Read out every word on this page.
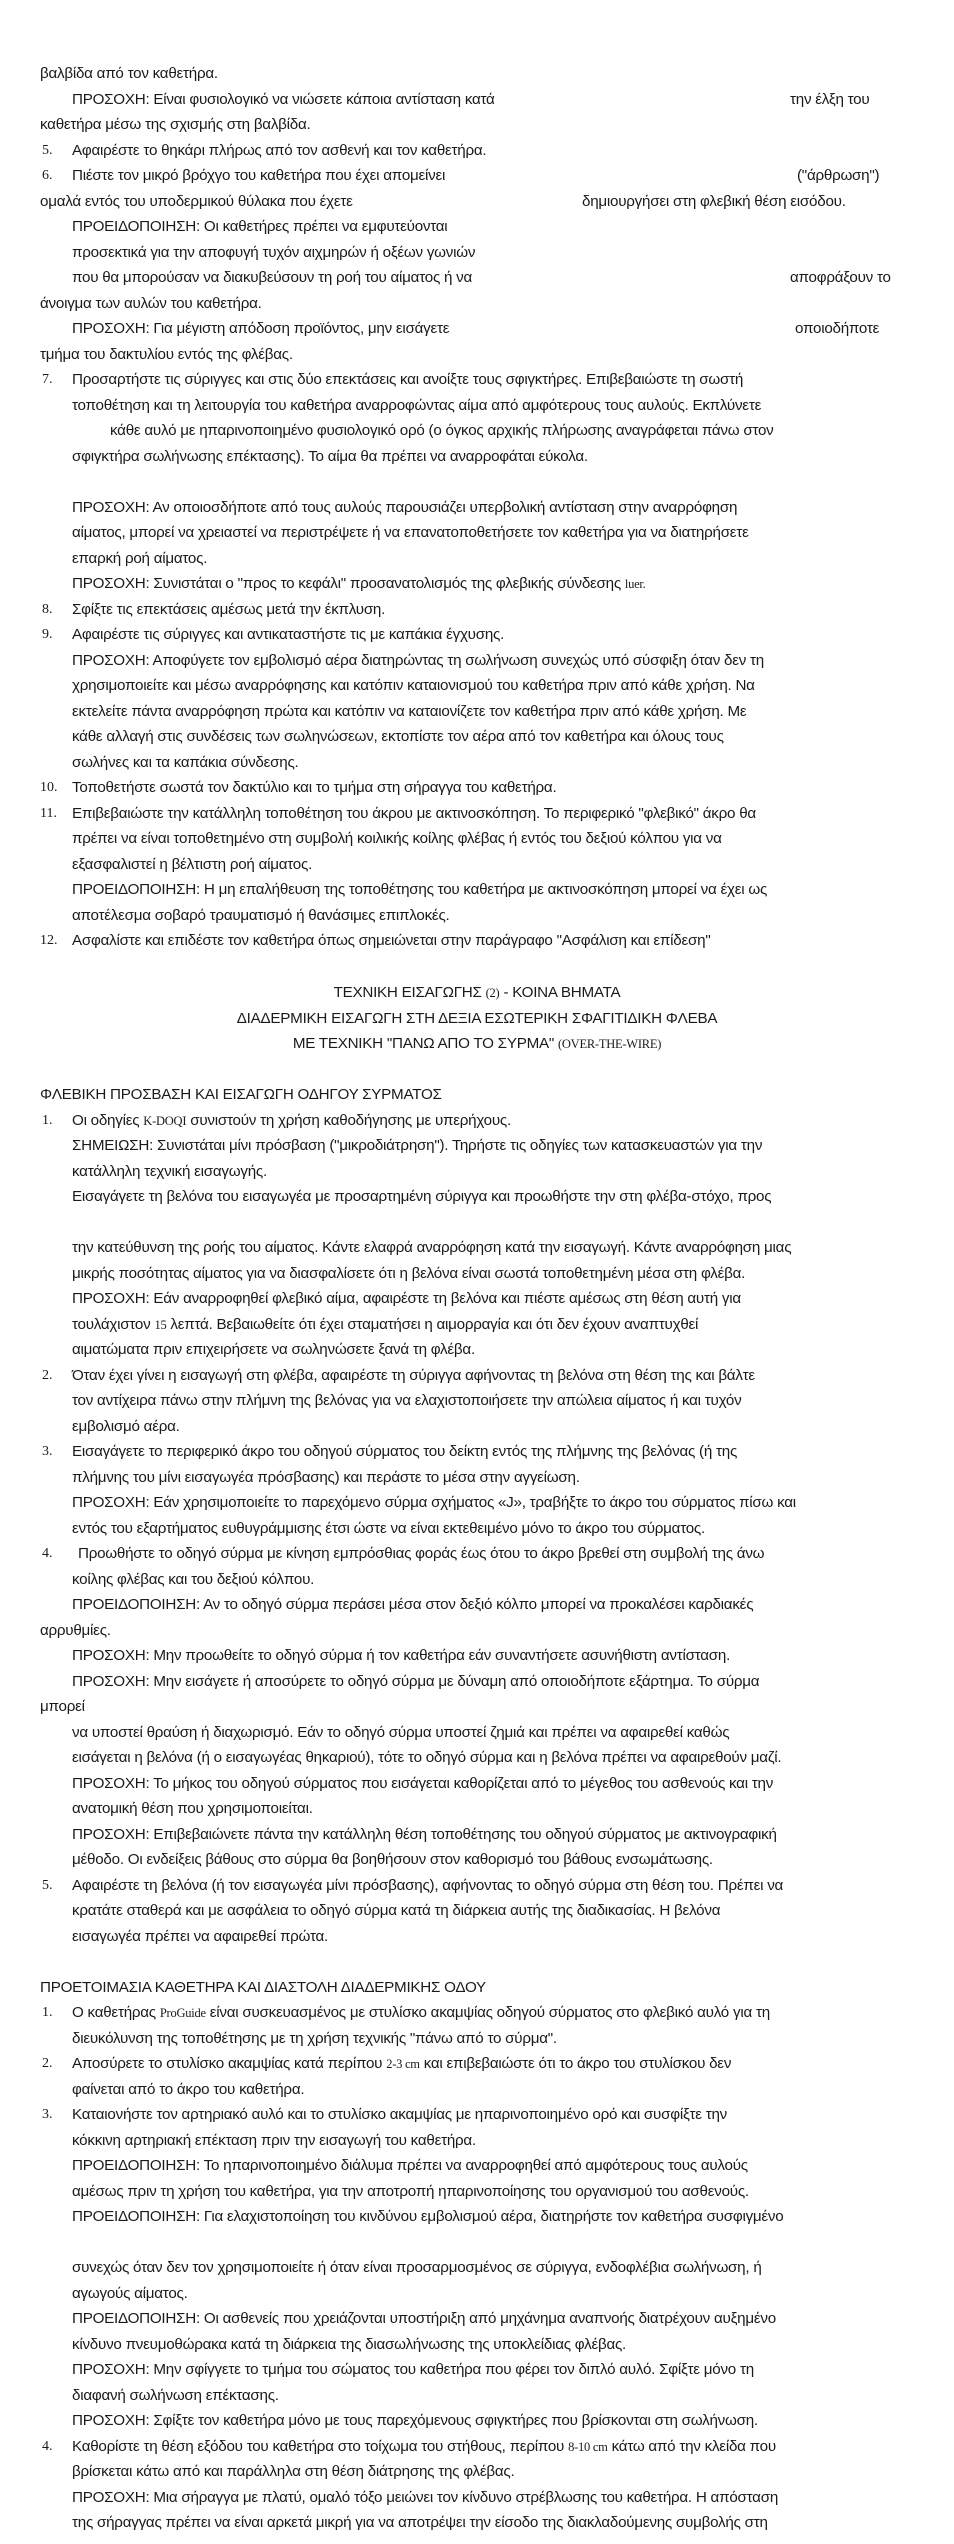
βαλβίδα από τον καθετήρα.
ΠΡΟΣΟΧΗ: Είναι φυσιολογικό να νιώσετε κάποια αντίσταση κατά	την έλξη του
καθετήρα μέσω της σχισμής στη βαλβίδα.
5. Αφαιρέστε το θηκάρι πλήρως από τον ασθενή και τον καθετήρα.
6. Πιέστε τον μικρό βρόχγο του καθετήρα που έχει απομείνει	("άρθρωση")
ομαλά εντός του υποδερμικού θύλακα που έχετε	δημιουργήσει στη φλεβική θέση εισόδου.
ΠΡΟΕΙΔΟΠΟΙΗΣΗ: Οι καθετήρες πρέπει να εμφυτεύονται
προσεκτικά για την αποφυγή τυχόν αιχμηρών ή οξέων γωνιών
που θα μπορούσαν να διακυβεύσουν τη ροή του αίματος ή να	αποφράξουν το
άνοιγμα των αυλών του καθετήρα.
ΠΡΟΣΟΧΗ: Για μέγιστη απόδοση προϊόντος, μην εισάγετε	οποιοδήποτε
τμήμα του δακτυλίου εντός της φλέβας.
7. Προσαρτήστε τις σύριγγες και στις δύο επεκτάσεις και ανοίξτε τους σφιγκτήρες. Επιβεβαιώστε τη σωστή
τοποθέτηση και τη λειτουργία του καθετήρα αναρροφώντας αίμα από αμφότερους τους αυλούς. Εκπλύνετε
κάθε αυλό με ηπαρινοποιημένο φυσιολογικό ορό (ο όγκος αρχικής πλήρωσης αναγράφεται πάνω στον
σφιγκτήρα σωλήνωσης επέκτασης). Το αίμα θα πρέπει να αναρροφάται εύκολα.
ΠΡΟΣΟΧΗ: Αν οποιοσδήποτε από τους αυλούς παρουσιάζει υπερβολική αντίσταση στην αναρρόφηση
αίματος, μπορεί να χρειαστεί να περιστρέψετε ή να επανατοποθετήσετε τον καθετήρα για να διατηρήσετε
επαρκή ροή αίματος.
ΠΡΟΣΟΧΗ: Συνιστάται ο "προς το κεφάλι" προσανατολισμός της φλεβικής σύνδεσης luer.
8. Σφίξτε τις επεκτάσεις αμέσως μετά την έκπλυση.
9. Αφαιρέστε τις σύριγγες και αντικαταστήστε τις με καπάκια έγχυσης.
ΠΡΟΣΟΧΗ: Αποφύγετε τον εμβολισμό αέρα διατηρώντας τη σωλήνωση συνεχώς υπό σύσφιξη όταν δεν τη
χρησιμοποιείτε και μέσω αναρρόφησης και κατόπιν καταιονισμού του καθετήρα πριν από κάθε χρήση. Να
εκτελείτε πάντα αναρρόφηση πρώτα και κατόπιν να καταιονίζετε τον καθετήρα πριν από κάθε χρήση. Με
κάθε αλλαγή στις συνδέσεις των σωληνώσεων, εκτοπίστε τον αέρα από τον καθετήρα και όλους τους
σωλήνες και τα καπάκια σύνδεσης.
10. Τοποθετήστε σωστά τον δακτύλιο και το τμήμα στη σήραγγα του καθετήρα.
11. Επιβεβαιώστε την κατάλληλη τοποθέτηση του άκρου με ακτινοσκόπηση. Το περιφερικό "φλεβικό" άκρο θα
πρέπει να είναι τοποθετημένο στη συμβολή κοιλικής κοίλης φλέβας ή εντός του δεξιού κόλπου για να
εξασφαλιστεί η βέλτιστη ροή αίματος.
ΠΡΟΕΙΔΟΠΟΙΗΣΗ: Η μη επαλήθευση της τοποθέτησης του καθετήρα με ακτινοσκόπηση μπορεί να έχει ως
αποτέλεσμα σοβαρό τραυματισμό ή θανάσιμες επιπλοκές.
12. Ασφαλίστε και επιδέστε τον καθετήρα όπως σημειώνεται στην παράγραφο "Ασφάλιση και επίδεση"
ΤΕΧΝΙΚΗ ΕΙΣΑΓΩΓΗΣ (2) - ΚΟΙΝΑ ΒΗΜΑΤΑ
ΔΙΑΔΕΡΜΙΚΗ ΕΙΣΑΓΩΓΗ ΣΤΗ ΔΕΞΙΑ ΕΣΩΤΕΡΙΚΗ ΣΦΑΓΙΤΙΔΙΚΗ ΦΛΕΒΑ
ΜΕ ΤΕΧΝΙΚΗ "ΠΑΝΩ ΑΠΟ ΤΟ ΣΥΡΜΑ" (OVER-THE-WIRE)
ΦΛΕΒΙΚΗ ΠΡΟΣΒΑΣΗ ΚΑΙ ΕΙΣΑΓΩΓΗ ΟΔΗΓΟΥ ΣΥΡΜΑΤΟΣ
1. Οι οδηγίες K-DOQI συνιστούν τη χρήση καθοδήγησης με υπερήχους.
ΣΗΜΕΙΩΣΗ: Συνιστάται μίνι πρόσβαση ("μικροδιάτρηση"). Τηρήστε τις οδηγίες των κατασκευαστών για την
κατάλληλη τεχνική εισαγωγής.
Εισαγάγετε τη βελόνα του εισαγωγέα με προσαρτημένη σύριγγα και προωθήστε την στη φλέβα-στόχο, προς
την κατεύθυνση της ροής του αίματος. Κάντε ελαφρά αναρρόφηση κατά την εισαγωγή. Κάντε αναρρόφηση μιας
μικρής ποσότητας αίματος για να διασφαλίσετε ότι η βελόνα είναι σωστά τοποθετημένη μέσα στη φλέβα.
ΠΡΟΣΟΧΗ: Εάν αναρροφηθεί φλεβικό αίμα, αφαιρέστε τη βελόνα και πιέστε αμέσως στη θέση αυτή για
τουλάχιστον 15 λεπτά. Βεβαιωθείτε ότι έχει σταματήσει η αιμορραγία και ότι δεν έχουν αναπτυχθεί
αιματώματα πριν επιχειρήσετε να σωληνώσετε ξανά τη φλέβα.
2. Όταν έχει γίνει η εισαγωγή στη φλέβα, αφαιρέστε τη σύριγγα αφήνοντας τη βελόνα στη θέση της και βάλτε
τον αντίχειρα πάνω στην πλήμνη της βελόνας για να ελαχιστοποιήσετε την απώλεια αίματος ή και τυχόν
εμβολισμό αέρα.
3. Εισαγάγετε το περιφερικό άκρο του οδηγού σύρματος του δείκτη εντός της πλήμνης της βελόνας (ή της
πλήμνης του μίνι εισαγωγέα πρόσβασης) και περάστε το μέσα στην αγγείωση.
ΠΡΟΣΟΧΗ: Εάν χρησιμοποιείτε το παρεχόμενο σύρμα σχήματος «J», τραβήξτε το άκρο του σύρματος πίσω και
εντός του εξαρτήματος ευθυγράμμισης έτσι ώστε να είναι εκτεθειμένο μόνο το άκρο του σύρματος.
4. Προωθήστε το οδηγό σύρμα με κίνηση εμπρόσθιας φοράς έως ότου το άκρο βρεθεί στη συμβολή της άνω
κοίλης φλέβας και του δεξιού κόλπου.
ΠΡΟΕΙΔΟΠΟΙΗΣΗ: Αν το οδηγό σύρμα περάσει μέσα στον δεξιό κόλπο μπορεί να προκαλέσει καρδιακές
αρρυθμίες.
ΠΡΟΣΟΧΗ: Μην προωθείτε το οδηγό σύρμα ή τον καθετήρα εάν συναντήσετε ασυνήθιστη αντίσταση.
ΠΡΟΣΟΧΗ: Μην εισάγετε ή αποσύρετε το οδηγό σύρμα με δύναμη από οποιοδήποτε εξάρτημα. Το σύρμα
μπορεί
να υποστεί θραύση ή διαχωρισμό. Εάν το οδηγό σύρμα υποστεί ζημιά και πρέπει να αφαιρεθεί καθώς
εισάγεται η βελόνα (ή ο εισαγωγέας θηκαριού), τότε το οδηγό σύρμα και η βελόνα πρέπει να αφαιρεθούν μαζί.
ΠΡΟΣΟΧΗ: Το μήκος του οδηγού σύρματος που εισάγεται καθορίζεται από το μέγεθος του ασθενούς και την
ανατομική θέση που χρησιμοποιείται.
ΠΡΟΣΟΧΗ: Επιβεβαιώνετε πάντα την κατάλληλη θέση τοποθέτησης του οδηγού σύρματος με ακτινογραφική
μέθοδο. Οι ενδείξεις βάθους στο σύρμα θα βοηθήσουν στον καθορισμό του βάθους ενσωμάτωσης.
5. Αφαιρέστε τη βελόνα (ή τον εισαγωγέα μίνι πρόσβασης), αφήνοντας το οδηγό σύρμα στη θέση του. Πρέπει να
κρατάτε σταθερά και με ασφάλεια το οδηγό σύρμα κατά τη διάρκεια αυτής της διαδικασίας. Η βελόνα
εισαγωγέα πρέπει να αφαιρεθεί πρώτα.
ΠΡΟΕΤΟΙΜΑΣΙΑ ΚΑΘΕΤΗΡΑ ΚΑΙ ΔΙΑΣΤΟΛΗ ΔΙΑΔΕΡΜΙΚΗΣ ΟΔΟΥ
1. Ο καθετήρας ProGuide είναι συσκευασμένος με στυλίσκο ακαμψίας οδηγού σύρματος στο φλεβικό αυλό για τη
διευκόλυνση της τοποθέτησης με τη χρήση τεχνικής "πάνω από το σύρμα".
2. Αποσύρετε το στυλίσκο ακαμψίας κατά περίπου 2-3 cm και επιβεβαιώστε ότι το άκρο του στυλίσκου δεν
φαίνεται από το άκρο του καθετήρα.
3. Καταιονήστε τον αρτηριακό αυλό και το στυλίσκο ακαμψίας με ηπαρινοποιημένο ορό και συσφίξτε την
κόκκινη αρτηριακή επέκταση πριν την εισαγωγή του καθετήρα.
ΠΡΟΕΙΔΟΠΟΙΗΣΗ: Το ηπαρινοποιημένο διάλυμα πρέπει να αναρροφηθεί από αμφότερους τους αυλούς
αμέσως πριν τη χρήση του καθετήρα, για την αποτροπή ηπαρινοποίησης του οργανισμού του ασθενούς.
ΠΡΟΕΙΔΟΠΟΙΗΣΗ: Για ελαχιστοποίηση του κινδύνου εμβολισμού αέρα, διατηρήστε τον καθετήρα συσφιγμένο
συνεχώς όταν δεν τον χρησιμοποιείτε ή όταν είναι προσαρμοσμένος σε σύριγγα, ενδοφλέβια σωλήνωση, ή
αγωγούς αίματος.
ΠΡΟΕΙΔΟΠΟΙΗΣΗ: Οι ασθενείς που χρειάζονται υποστήριξη από μηχάνημα αναπνοής διατρέχουν αυξημένο
κίνδυνο πνευμοθώρακα κατά τη διάρκεια της διασωλήνωσης της υποκλείδιας φλέβας.
ΠΡΟΣΟΧΗ: Μην σφίγγετε το τμήμα του σώματος του καθετήρα που φέρει τον διπλό αυλό. Σφίξτε μόνο τη
διαφανή σωλήνωση επέκτασης.
ΠΡΟΣΟΧΗ: Σφίξτε τον καθετήρα μόνο με τους παρεχόμενους σφιγκτήρες που βρίσκονται στη σωλήνωση.
4. Καθορίστε τη θέση εξόδου του καθετήρα στο τοίχωμα του στήθους, περίπου 8-10 cm κάτω από την κλείδα που
βρίσκεται κάτω από και παράλληλα στη θέση διάτρησης της φλέβας.
ΠΡΟΣΟΧΗ: Μια σήραγγα με πλατύ, ομαλό τόξο μειώνει τον κίνδυνο στρέβλωσης του καθετήρα. Η απόσταση
της σήραγγας πρέπει να είναι αρκετά μικρή για να αποτρέψει την είσοδο της διακλαδούμενης συμβολής στη
